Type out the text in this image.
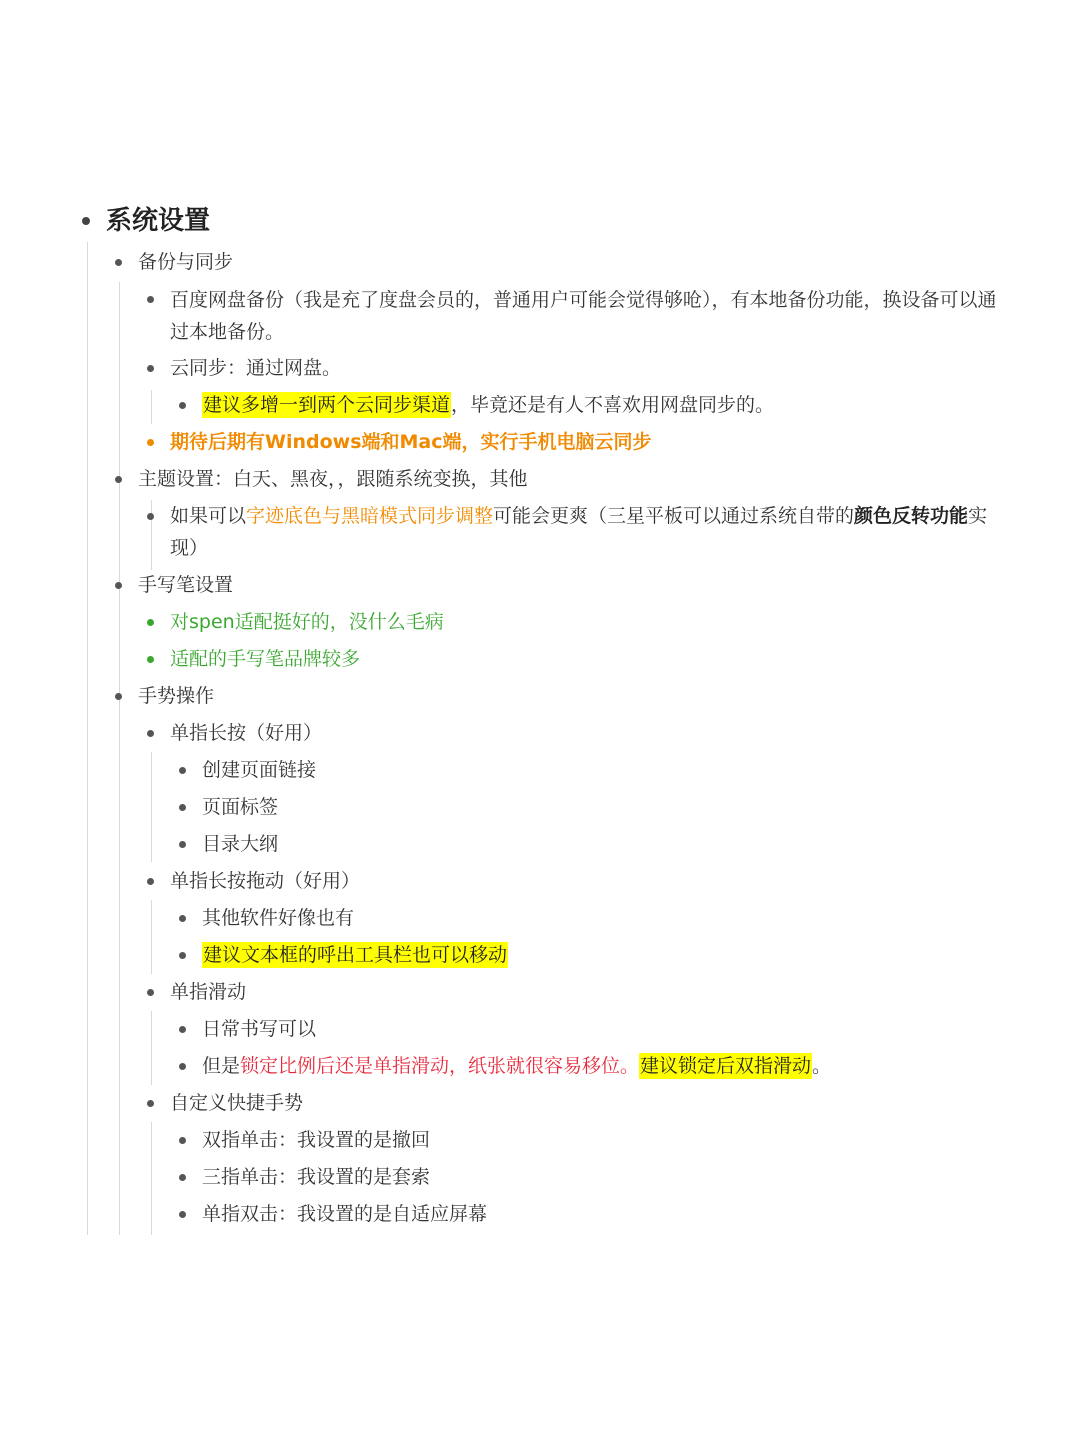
系统设置
备份与同步
百度网盘备份（我是充了度盘会员的，普通用户可能会觉得够呛），有本地备份功能，换设备可以通过本地备份。
云同步：通过网盘。
建议多增一到两个云同步渠道，毕竟还是有人不喜欢用网盘同步的。
期待后期有Windows端和Mac端，实行手机电脑云同步
主题设置：白天、黑夜，，跟随系统变换，其他
如果可以字迹底色与黑暗模式同步调整可能会更爽（三星平板可以通过系统自带的颜色反转功能实现）
手写笔设置
对spen适配挺好的，没什么毛病
适配的手写笔品牌较多
手势操作
单指长按（好用）
创建页面链接
页面标签
目录大纲
单指长按拖动（好用）
其他软件好像也有
建议文本框的呼出工具栏也可以移动
单指滑动
日常书写可以
但是锁定比例后还是单指滑动，纸张就很容易移位。建议锁定后双指滑动。
自定义快捷手势
双指单击：我设置的是撤回
三指单击：我设置的是套索
单指双击：我设置的是自适应屏幕
